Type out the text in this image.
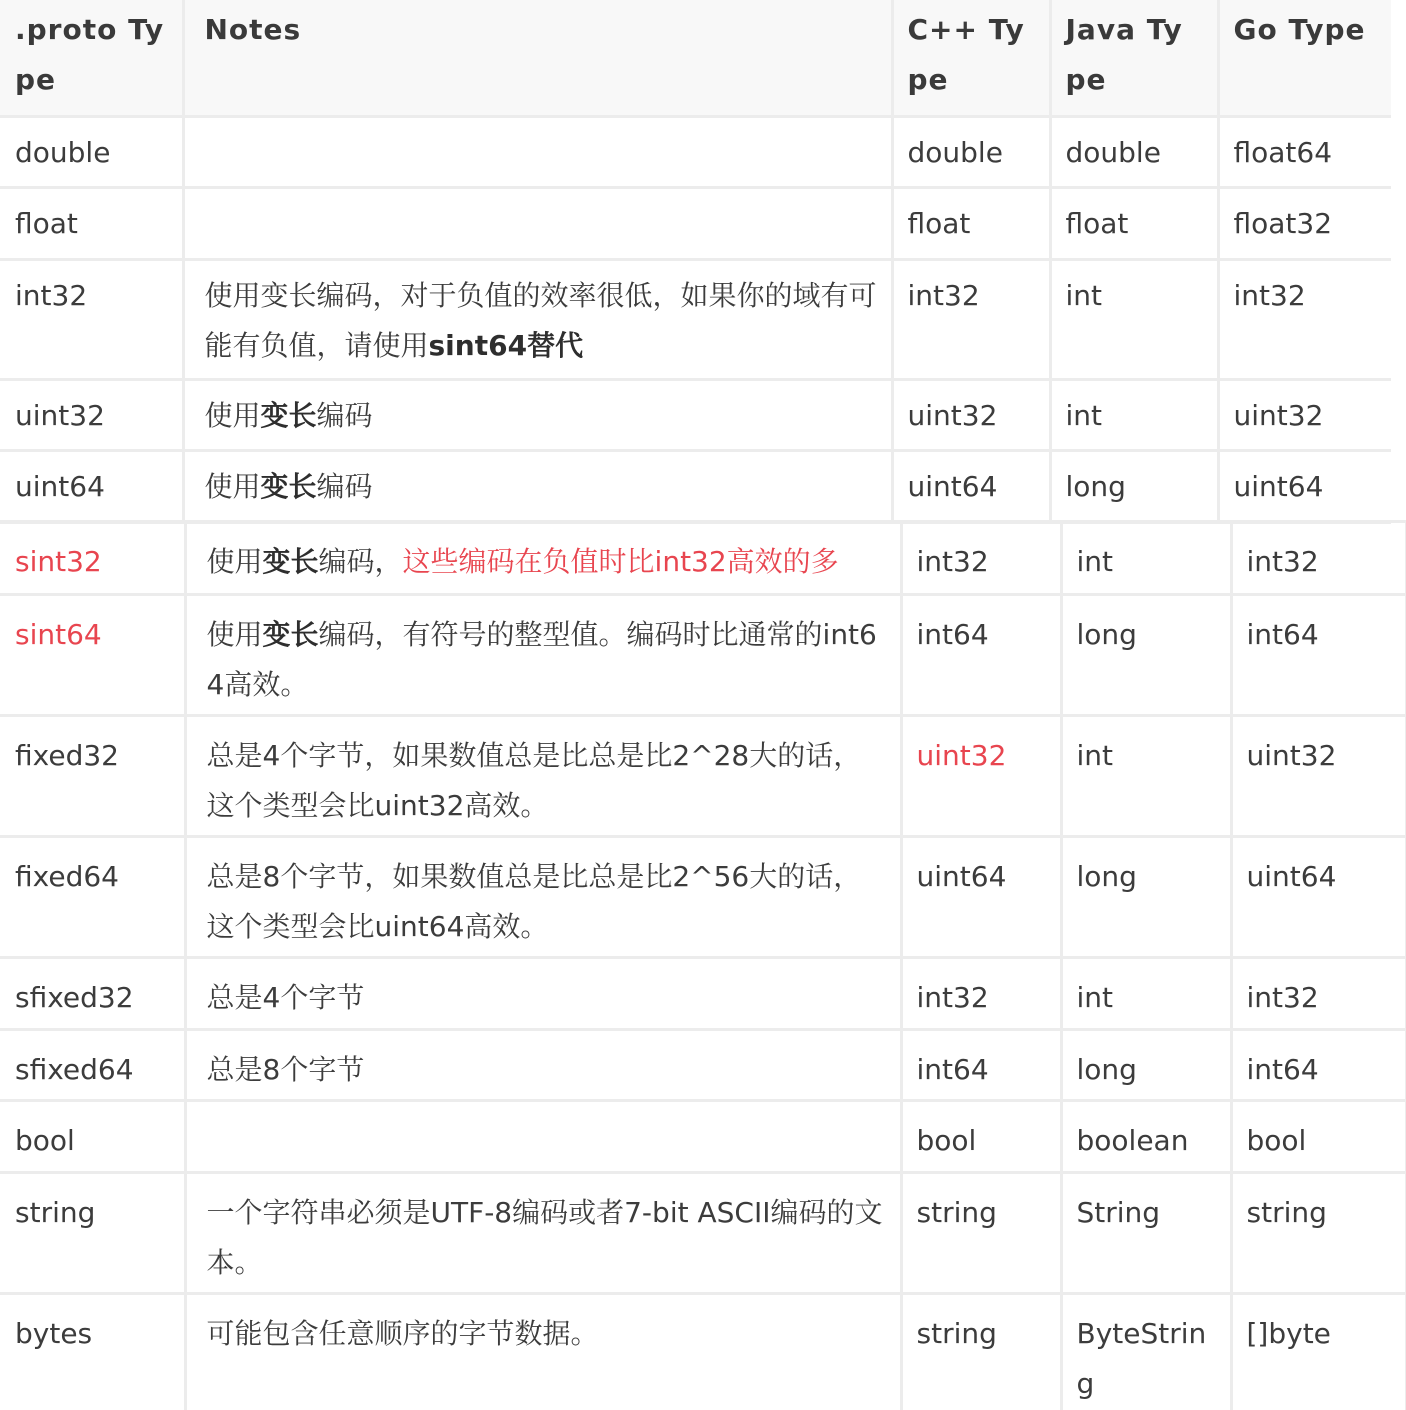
.proto Type	Notes	C++ Type	Java Type	Go Type
double		double	double	float64
float		float	float	float32
int32	使用变长编码，对于负值的效率很低，如果你的域有可能有负值，请使用sint64替代	int32	int	int32
uint32	使用变长编码	uint32	int	uint32
uint64	使用变长编码	uint64	long	uint64
sint32	使用变长编码，这些编码在负值时比int32高效的多	int32	int	int32
sint64	使用变长编码，有符号的整型值。编码时比通常的int64高效。	int64	long	int64
fixed32	总是4个字节，如果数值总是比总是比2^28大的话，这个类型会比uint32高效。	uint32	int	uint32
fixed64	总是8个字节，如果数值总是比总是比2^56大的话，这个类型会比uint64高效。	uint64	long	uint64
sfixed32	总是4个字节	int32	int	int32
sfixed64	总是8个字节	int64	long	int64
bool		bool	boolean	bool
string	一个字符串必须是UTF-8编码或者7-bit ASCII编码的文本。	string	String	string
bytes	可能包含任意顺序的字节数据。	string	ByteString	[]byte
